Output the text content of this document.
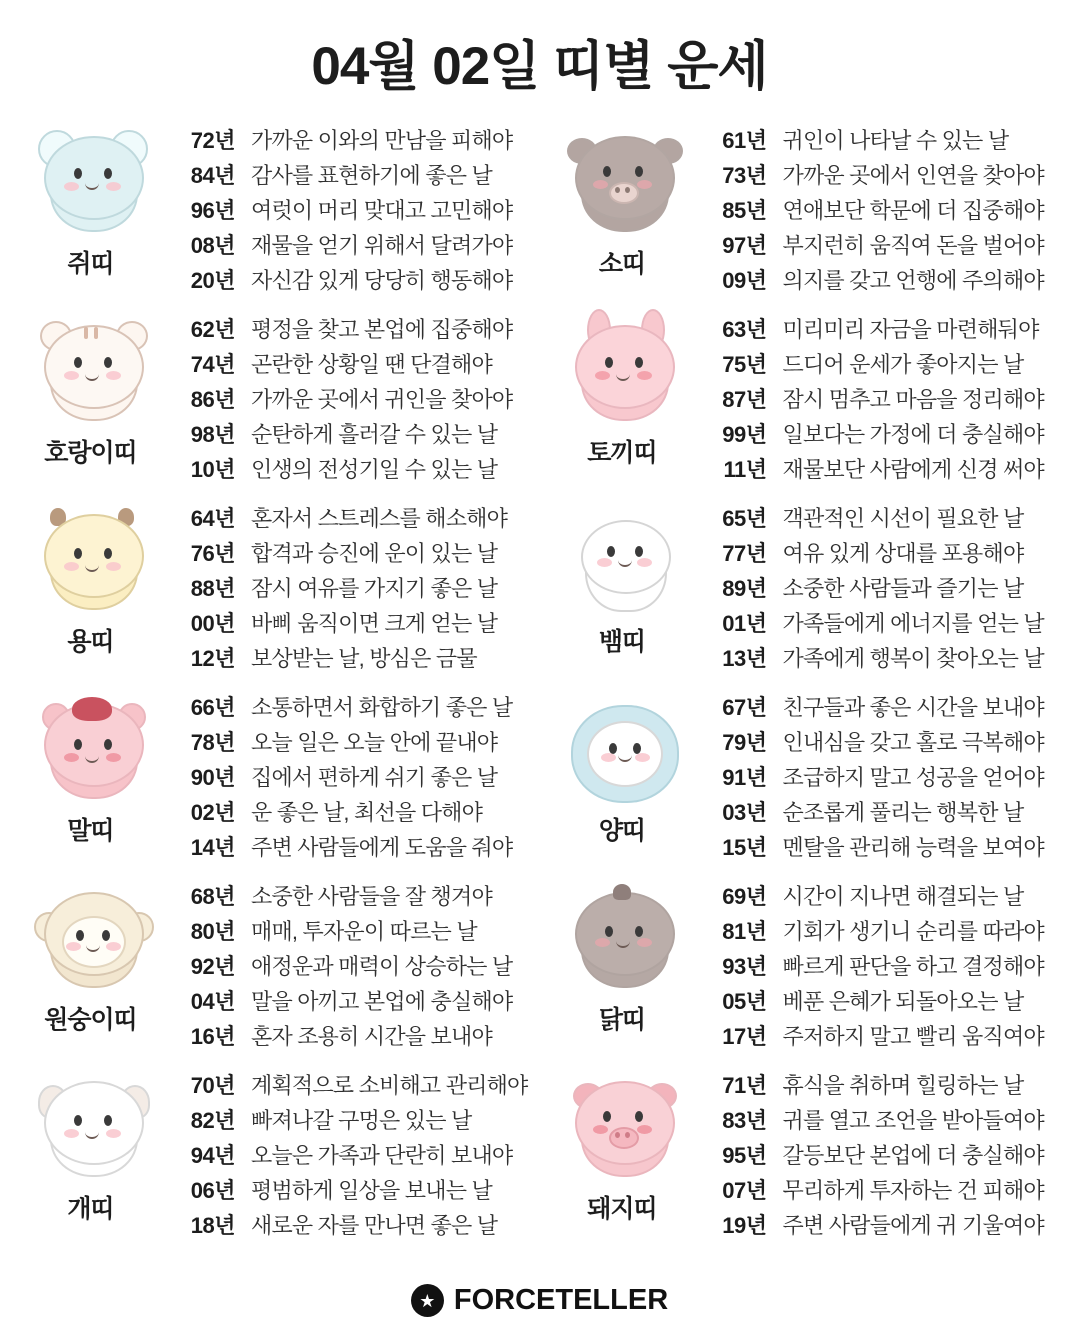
04월 02일 띠별 운세
쥐띠
72년 가까운 이와의 만남을 피해야
84년 감사를 표현하기에 좋은 날
96년 여럿이 머리 맞대고 고민해야
08년 재물을 얻기 위해서 달려가야
20년 자신감 있게 당당히 행동해야
소띠
61년 귀인이 나타날 수 있는 날
73년 가까운 곳에서 인연을 찾아야
85년 연애보단 학문에 더 집중해야
97년 부지런히 움직여 돈을 벌어야
09년 의지를 갖고 언행에 주의해야
호랑이띠
62년 평정을 찾고 본업에 집중해야
74년 곤란한 상황일 땐 단결해야
86년 가까운 곳에서 귀인을 찾아야
98년 순탄하게 흘러갈 수 있는 날
10년 인생의 전성기일 수 있는 날
토끼띠
63년 미리미리 자금을 마련해둬야
75년 드디어 운세가 좋아지는 날
87년 잠시 멈추고 마음을 정리해야
99년 일보다는 가정에 더 충실해야
11년 재물보단 사람에게 신경 써야
용띠
64년 혼자서 스트레스를 해소해야
76년 합격과 승진에 운이 있는 날
88년 잠시 여유를 가지기 좋은 날
00년 바삐 움직이면 크게 얻는 날
12년 보상받는 날, 방심은 금물
뱀띠
65년 객관적인 시선이 필요한 날
77년 여유 있게 상대를 포용해야
89년 소중한 사람들과 즐기는 날
01년 가족들에게 에너지를 얻는 날
13년 가족에게 행복이 찾아오는 날
말띠
66년 소통하면서 화합하기 좋은 날
78년 오늘 일은 오늘 안에 끝내야
90년 집에서 편하게 쉬기 좋은 날
02년 운 좋은 날, 최선을 다해야
14년 주변 사람들에게 도움을 줘야
양띠
67년 친구들과 좋은 시간을 보내야
79년 인내심을 갖고 홀로 극복해야
91년 조급하지 말고 성공을 얻어야
03년 순조롭게 풀리는 행복한 날
15년 멘탈을 관리해 능력을 보여야
원숭이띠
68년 소중한 사람들을 잘 챙겨야
80년 매매, 투자운이 따르는 날
92년 애정운과 매력이 상승하는 날
04년 말을 아끼고 본업에 충실해야
16년 혼자 조용히 시간을 보내야
닭띠
69년 시간이 지나면 해결되는 날
81년 기회가 생기니 순리를 따라야
93년 빠르게 판단을 하고 결정해야
05년 베푼 은혜가 되돌아오는 날
17년 주저하지 말고 빨리 움직여야
개띠
70년 계획적으로 소비해고 관리해야
82년 빠져나갈 구멍은 있는 날
94년 오늘은 가족과 단란히 보내야
06년 평범하게 일상을 보내는 날
18년 새로운 자를 만나면 좋은 날
돼지띠
71년 휴식을 취하며 힐링하는 날
83년 귀를 열고 조언을 받아들여야
95년 갈등보단 본업에 더 충실해야
07년 무리하게 투자하는 건 피해야
19년 주변 사람들에게 귀 기울여야
★ FORCETELLER
